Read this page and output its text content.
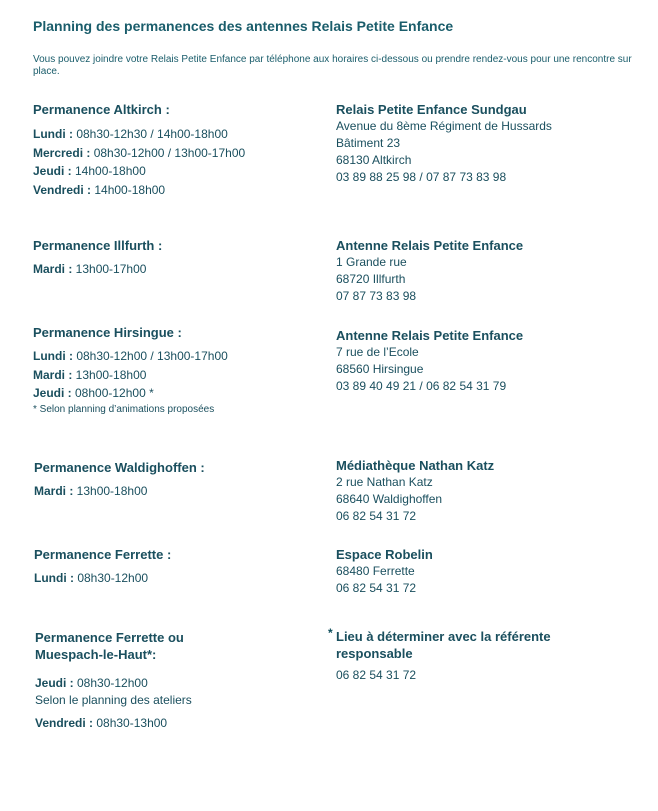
Planning des permanences des antennes Relais Petite Enfance
Vous pouvez joindre votre Relais Petite Enfance par téléphone aux horaires ci-dessous ou prendre rendez-vous pour une rencontre sur place.
Permanence Altkirch :
Lundi : 08h30-12h30 / 14h00-18h00
Mercredi : 08h30-12h00 / 13h00-17h00
Jeudi : 14h00-18h00
Vendredi : 14h00-18h00
Relais Petite Enfance Sundgau
Avenue du 8ème Régiment de Hussards
Bâtiment 23
68130 Altkirch
03 89 88 25 98 / 07 87 73 83 98
Permanence Illfurth :
Mardi : 13h00-17h00
Antenne Relais Petite Enfance
1 Grande rue
68720 Illfurth
07 87 73 83 98
Permanence Hirsingue :
Lundi : 08h30-12h00 / 13h00-17h00
Mardi : 13h00-18h00
Jeudi : 08h00-12h00 *
* Selon planning d’animations proposées
Antenne Relais Petite Enfance
7 rue de l’Ecole
68560 Hirsingue
03 89 40 49 21 / 06 82 54 31 79
Permanence Waldighoffen :
Mardi : 13h00-18h00
Médiathèque Nathan Katz
2 rue Nathan Katz
68640 Waldighoffen
06 82 54 31 72
Permanence Ferrette :
Lundi : 08h30-12h00
Espace Robelin
68480 Ferrette
06 82 54 31 72
Permanence Ferrette ou
Muespach-le-Haut*:
Jeudi : 08h30-12h00
Selon le planning des ateliers
Vendredi : 08h30-13h00
* Lieu à déterminer avec la référente
responsable
06 82 54 31 72
